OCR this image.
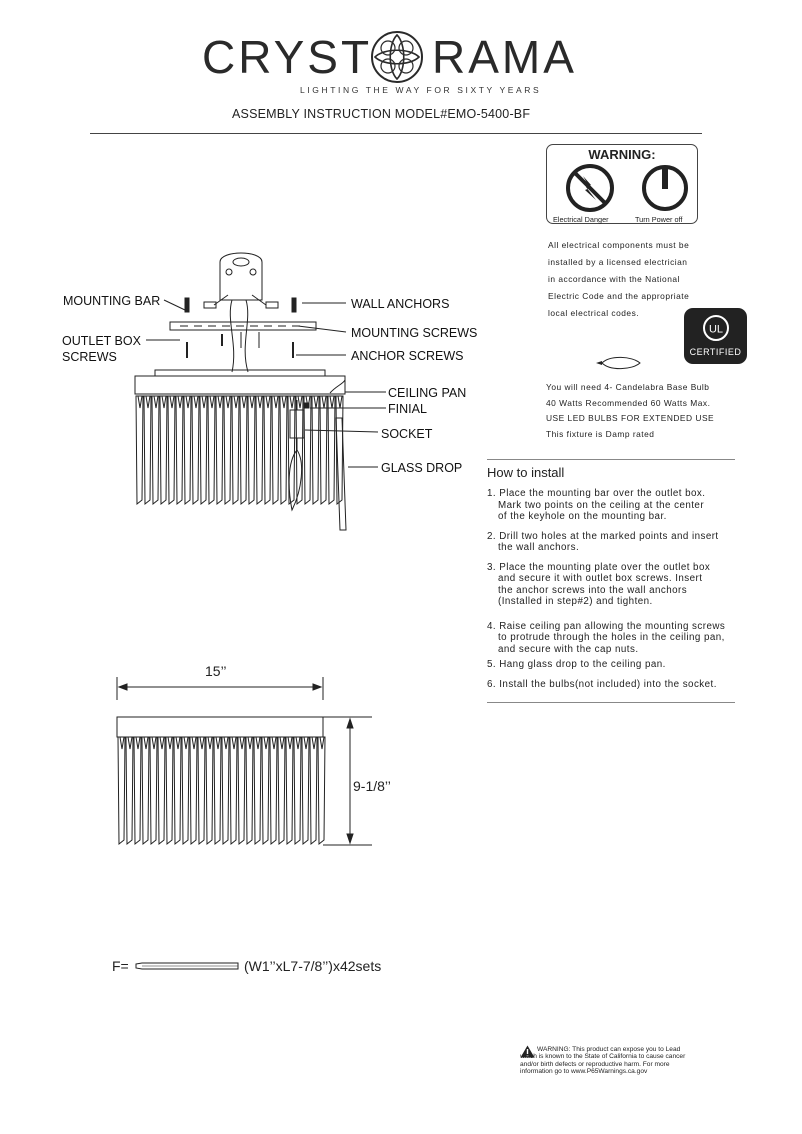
CRYST RAMA
LIGHTING THE WAY FOR SIXTY YEARS
ASSEMBLY INSTRUCTION MODEL#EMO-5400-BF
MOUNTING BAR
OUTLET BOX
SCREWS
WALL ANCHORS
MOUNTING SCREWS
ANCHOR SCREWS
CEILING PAN
FINIAL
SOCKET
GLASS DROP
WARNING:
Electrical Danger	Turn Power off
All electrical components must be
installed by a licensed electrician
in accordance with the National
Electric Code and the appropriate
local electrical codes.
UL
CERTIFIED
You will need 4- Candelabra Base Bulb
40 Watts Recommended 60 Watts Max.
USE LED BULBS FOR EXTENDED USE
This fixture is Damp rated
How to install
1. Place the mounting bar over the outlet box.
Mark two points on the ceiling at the center
of the keyhole on the mounting bar.
2. Drill two holes at the marked points and insert
the wall anchors.
3. Place the mounting plate over the outlet box
and secure it with outlet box screws. Insert
the anchor screws into the wall anchors
(Installed in step#2) and tighten.
4. Raise ceiling pan allowing the mounting screws
to protrude through the holes in the ceiling pan,
and secure with the cap nuts.
5. Hang glass drop to the ceiling pan.
6. Install the bulbs(not included) into the socket.
15’’
9-1/8’’
F=	(W1’’xL7-7/8’’)x42sets
WARNING: This product can expose you to Lead
which is known to the State of California to cause cancer
and/or birth defects or reproductive harm. For more
information go to www.P65Warnings.ca.gov
